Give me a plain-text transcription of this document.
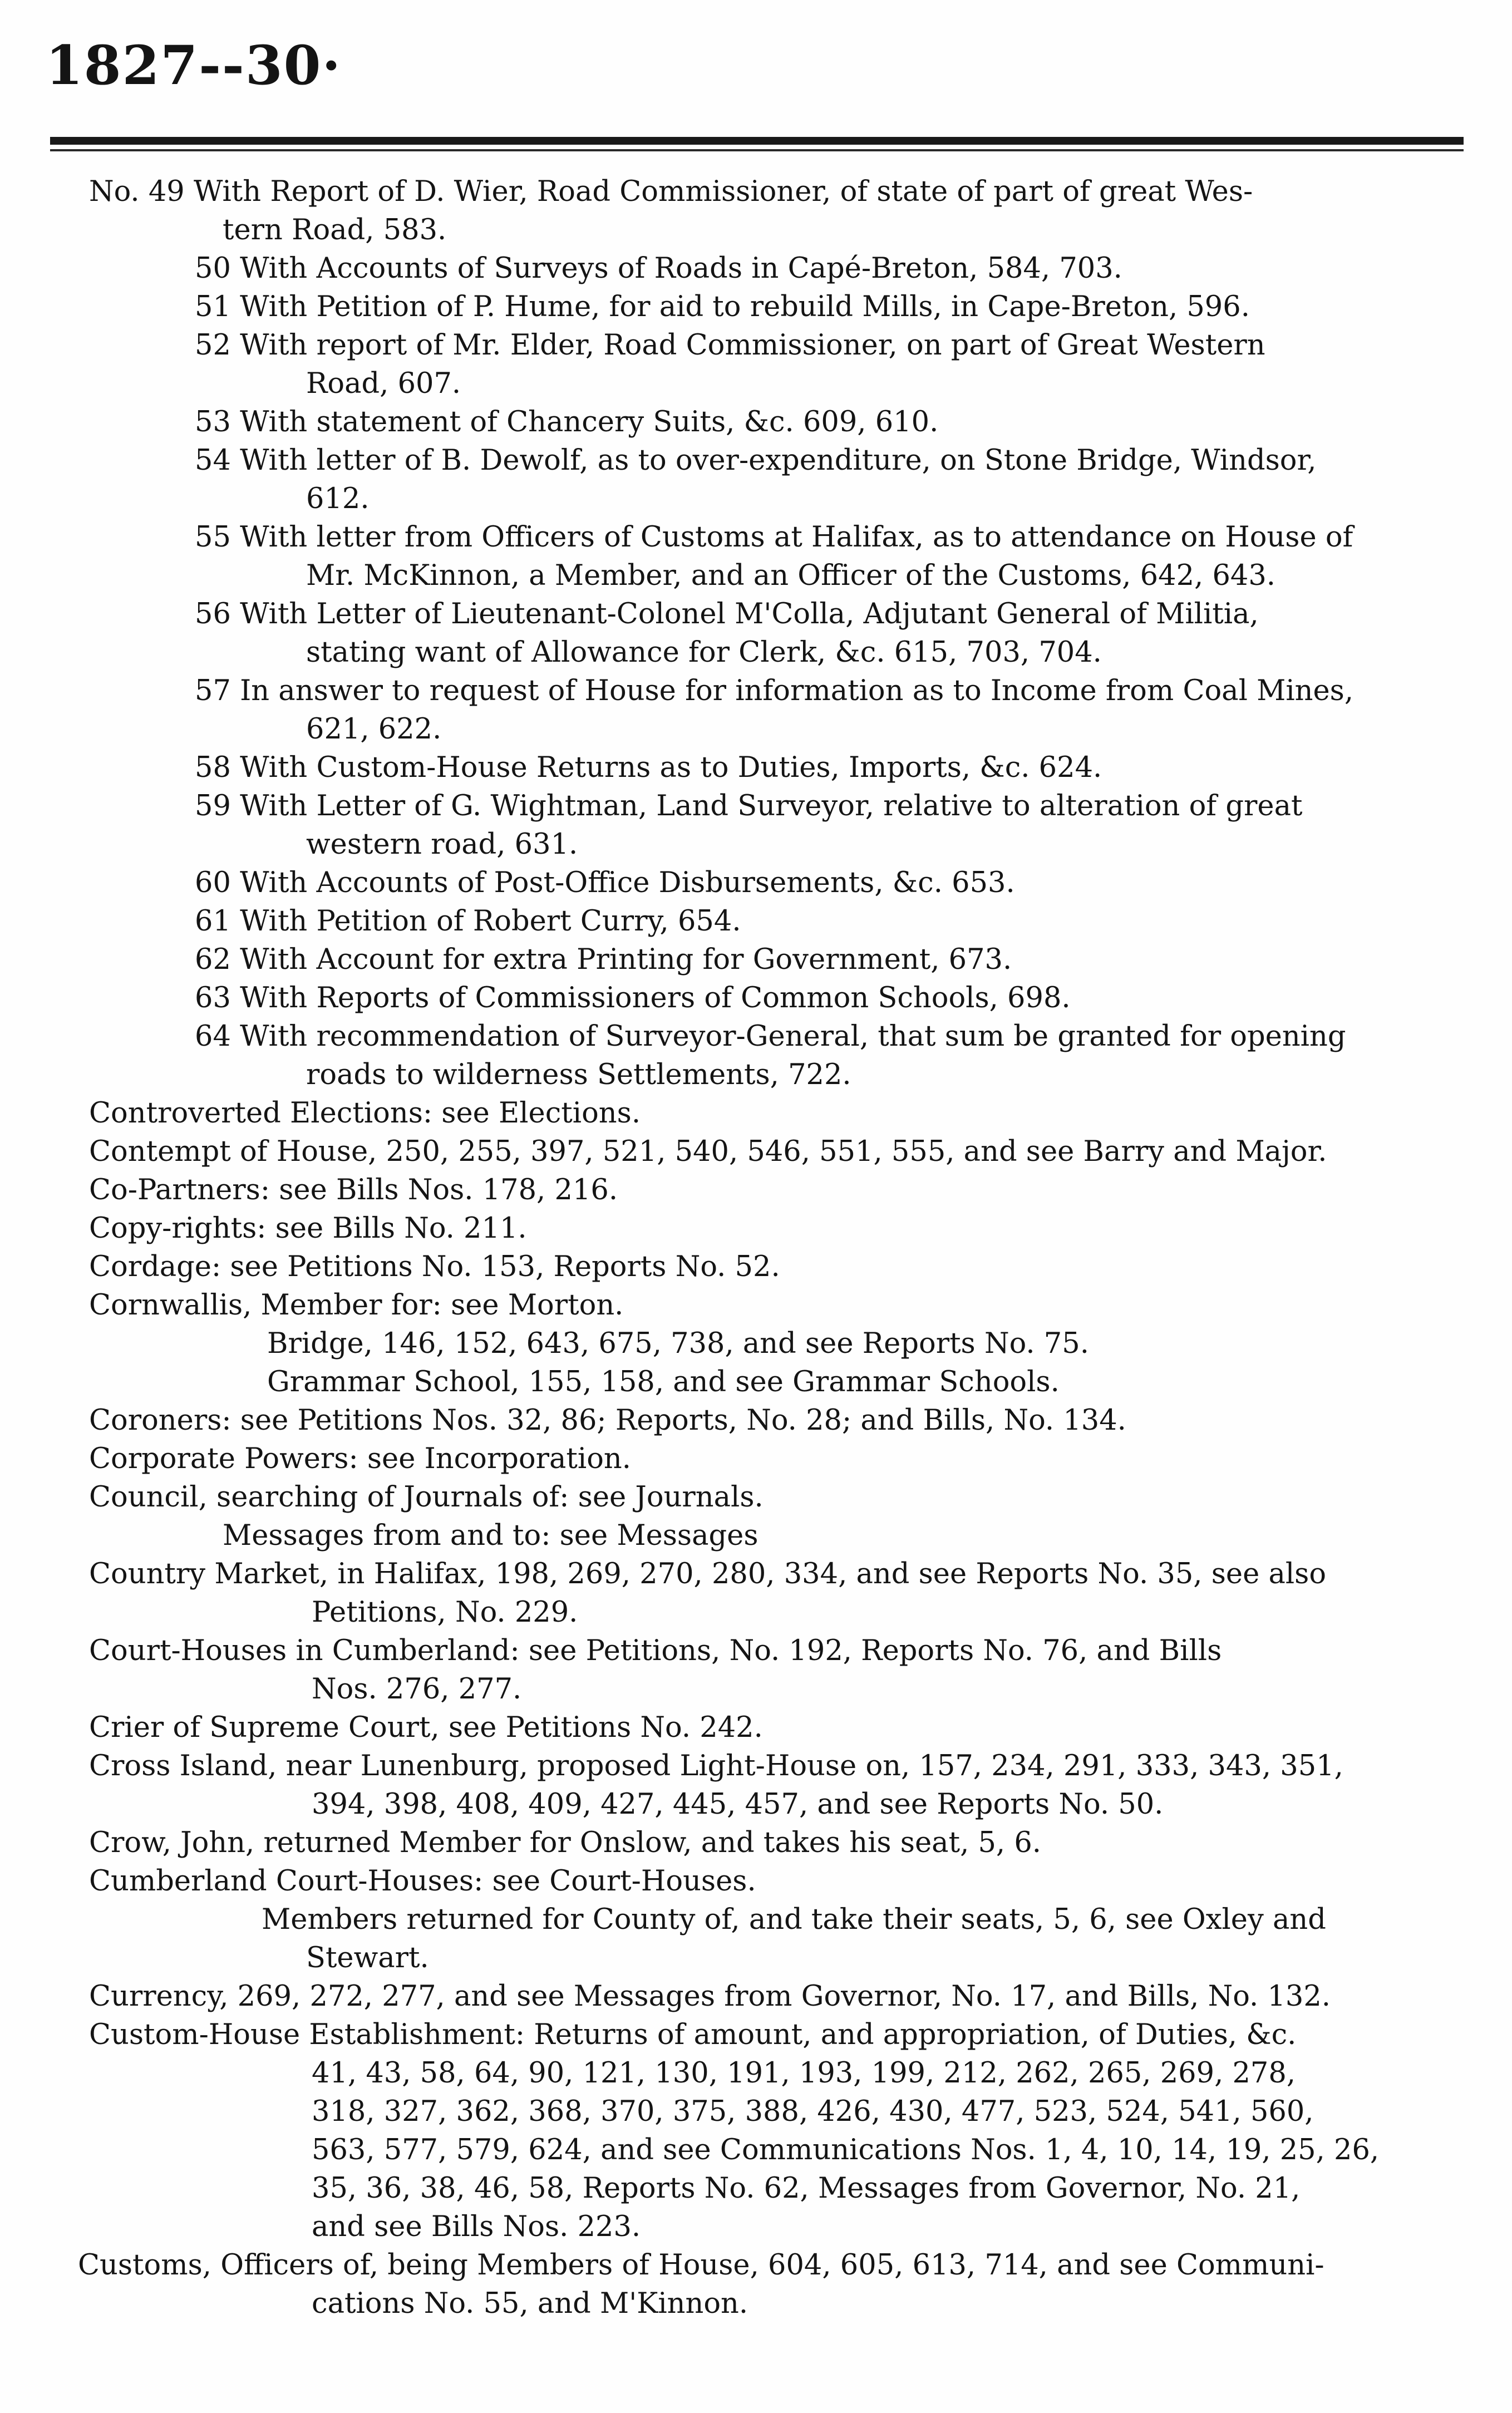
1827--30·
No. 49 With Report of D. Wier, Road Commissioner, of state of part of great Wes-
tern Road, 583.
50 With Accounts of Surveys of Roads in Capé-Breton, 584, 703.
51 With Petition of P. Hume, for aid to rebuild Mills, in Cape-Breton, 596.
52 With report of Mr. Elder, Road Commissioner, on part of Great Western
Road, 607.
53 With statement of Chancery Suits, &c. 609, 610.
54 With letter of B. Dewolf, as to over-expenditure, on Stone Bridge, Windsor,
612.
55 With letter from Officers of Customs at Halifax, as to attendance on House of
Mr. McKinnon, a Member, and an Officer of the Customs, 642, 643.
56 With Letter of Lieutenant-Colonel M'Colla, Adjutant General of Militia,
stating want of Allowance for Clerk, &c. 615, 703, 704.
57 In answer to request of House for information as to Income from Coal Mines,
621, 622.
58 With Custom-House Returns as to Duties, Imports, &c. 624.
59 With Letter of G. Wightman, Land Surveyor, relative to alteration of great
western road, 631.
60 With Accounts of Post-Office Disbursements, &c. 653.
61 With Petition of Robert Curry, 654.
62 With Account for extra Printing for Government, 673.
63 With Reports of Commissioners of Common Schools, 698.
64 With recommendation of Surveyor-General, that sum be granted for opening
roads to wilderness Settlements, 722.
Controverted Elections: see Elections.
Contempt of House, 250, 255, 397, 521, 540, 546, 551, 555, and see Barry and Major.
Co-Partners: see Bills Nos. 178, 216.
Copy-rights: see Bills No. 211.
Cordage: see Petitions No. 153, Reports No. 52.
Cornwallis, Member for: see Morton.
Bridge, 146, 152, 643, 675, 738, and see Reports No. 75.
Grammar School, 155, 158, and see Grammar Schools.
Coroners: see Petitions Nos. 32, 86; Reports, No. 28; and Bills, No. 134.
Corporate Powers: see Incorporation.
Council, searching of Journals of: see Journals.
Messages from and to: see Messages
Country Market, in Halifax, 198, 269, 270, 280, 334, and see Reports No. 35, see also
Petitions, No. 229.
Court-Houses in Cumberland: see Petitions, No. 192, Reports No. 76, and Bills
Nos. 276, 277.
Crier of Supreme Court, see Petitions No. 242.
Cross Island, near Lunenburg, proposed Light-House on, 157, 234, 291, 333, 343, 351,
394, 398, 408, 409, 427, 445, 457, and see Reports No. 50.
Crow, John, returned Member for Onslow, and takes his seat, 5, 6.
Cumberland Court-Houses: see Court-Houses.
Members returned for County of, and take their seats, 5, 6, see Oxley and
Stewart.
Currency, 269, 272, 277, and see Messages from Governor, No. 17, and Bills, No. 132.
Custom-House Establishment: Returns of amount, and appropriation, of Duties, &c.
41, 43, 58, 64, 90, 121, 130, 191, 193, 199, 212, 262, 265, 269, 278,
318, 327, 362, 368, 370, 375, 388, 426, 430, 477, 523, 524, 541, 560,
563, 577, 579, 624, and see Communications Nos. 1, 4, 10, 14, 19, 25, 26,
35, 36, 38, 46, 58, Reports No. 62, Messages from Governor, No. 21,
and see Bills Nos. 223.
Customs, Officers of, being Members of House, 604, 605, 613, 714, and see Communi-
cations No. 55, and M'Kinnon.
